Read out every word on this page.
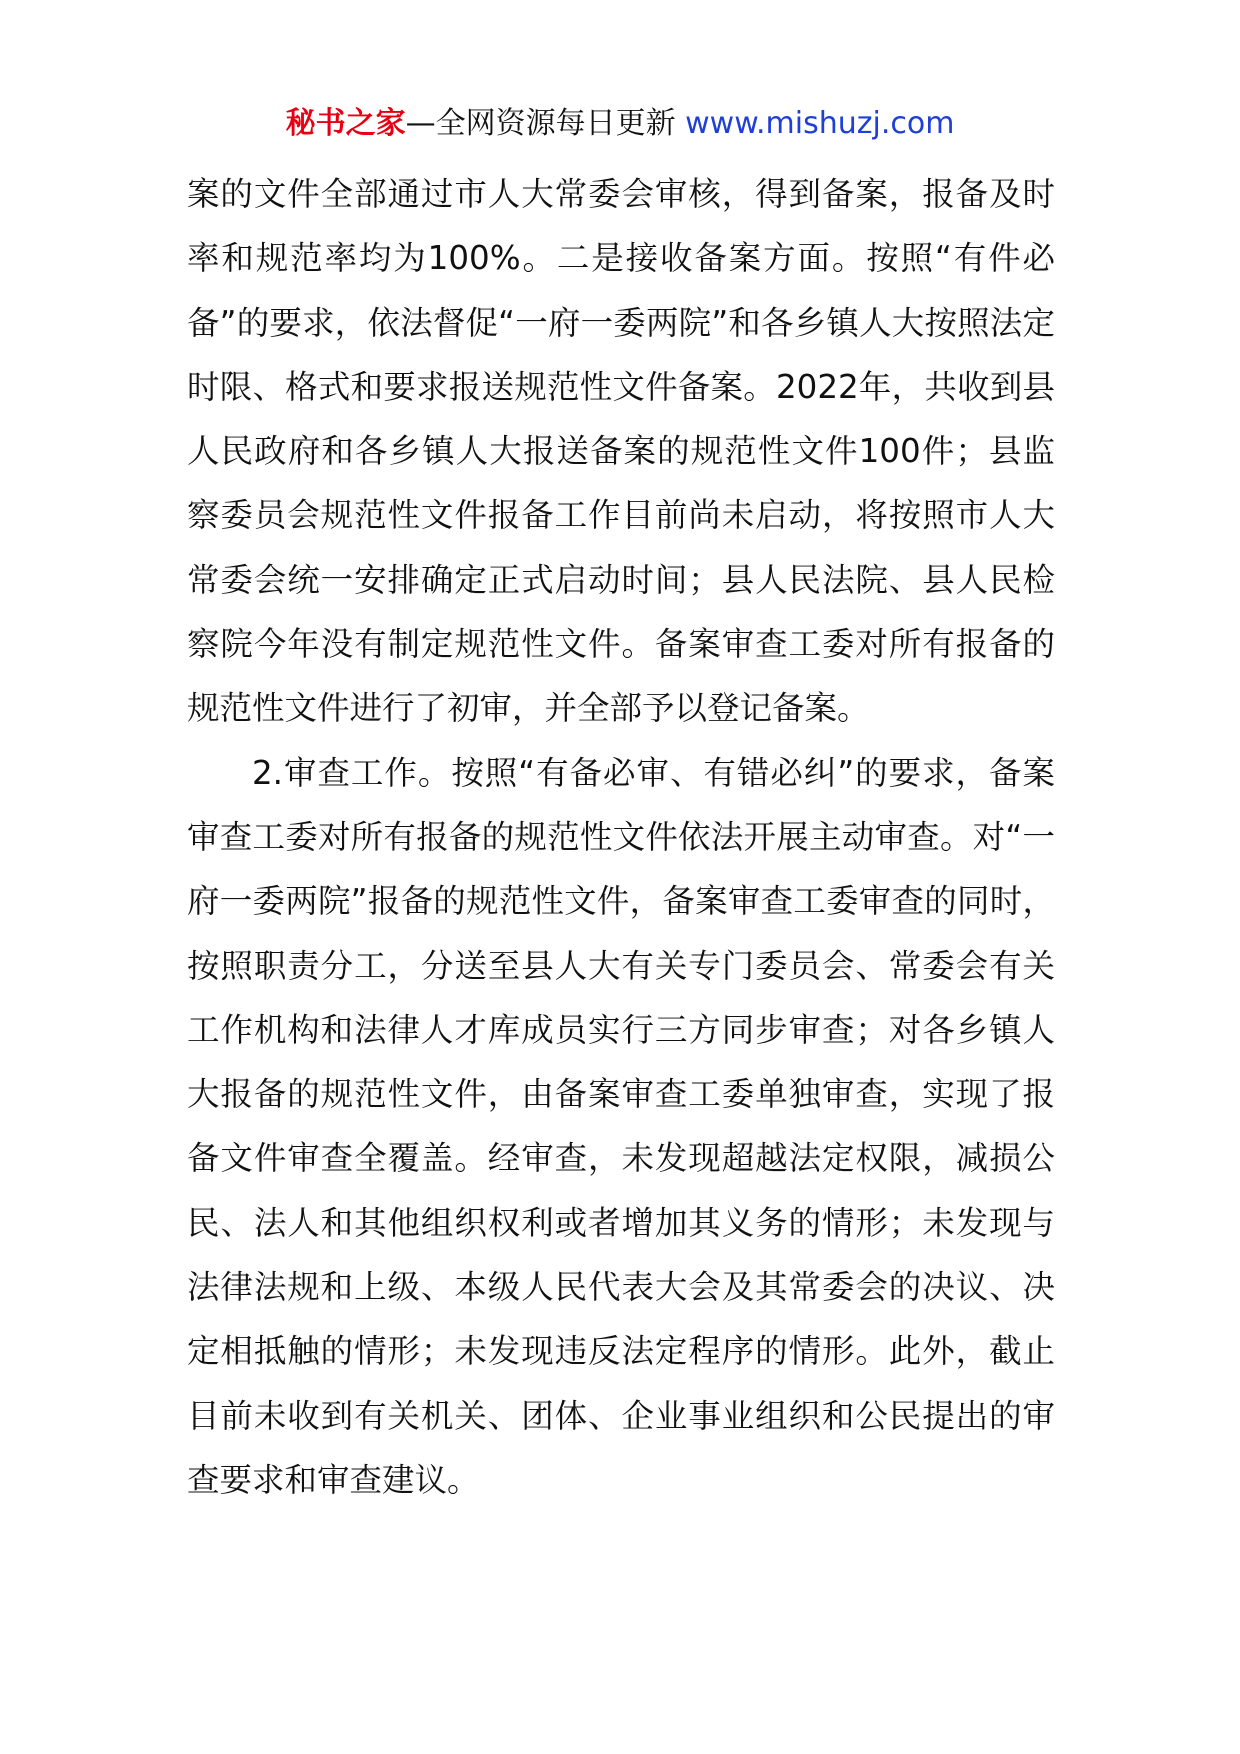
秘书之家—全网资源每日更新 www.mishuzj.com

案的文件全部通过市人大常委会审核，得到备案，报备及时率和规范率均为100%。二是接收备案方面。按照“有件必备”的要求，依法督促“一府一委两院”和各乡镇人大按照法定时限、格式和要求报送规范性文件备案。2022年，共收到县人民政府和各乡镇人大报送备案的规范性文件100件；县监察委员会规范性文件报备工作目前尚未启动，将按照市人大常委会统一安排确定正式启动时间；县人民法院、县人民检察院今年没有制定规范性文件。备案审查工委对所有报备的规范性文件进行了初审，并全部予以登记备案。

2.审查工作。按照“有备必审、有错必纠”的要求，备案审查工委对所有报备的规范性文件依法开展主动审查。对“一府一委两院”报备的规范性文件，备案审查工委审查的同时，按照职责分工，分送至县人大有关专门委员会、常委会有关工作机构和法律人才库成员实行三方同步审查；对各乡镇人大报备的规范性文件，由备案审查工委单独审查，实现了报备文件审查全覆盖。经审查，未发现超越法定权限，减损公民、法人和其他组织权利或者增加其义务的情形；未发现与法律法规和上级、本级人民代表大会及其常委会的决议、决定相抵触的情形；未发现违反法定程序的情形。此外，截止目前未收到有关机关、团体、企业事业组织和公民提出的审查要求和审查建议。
